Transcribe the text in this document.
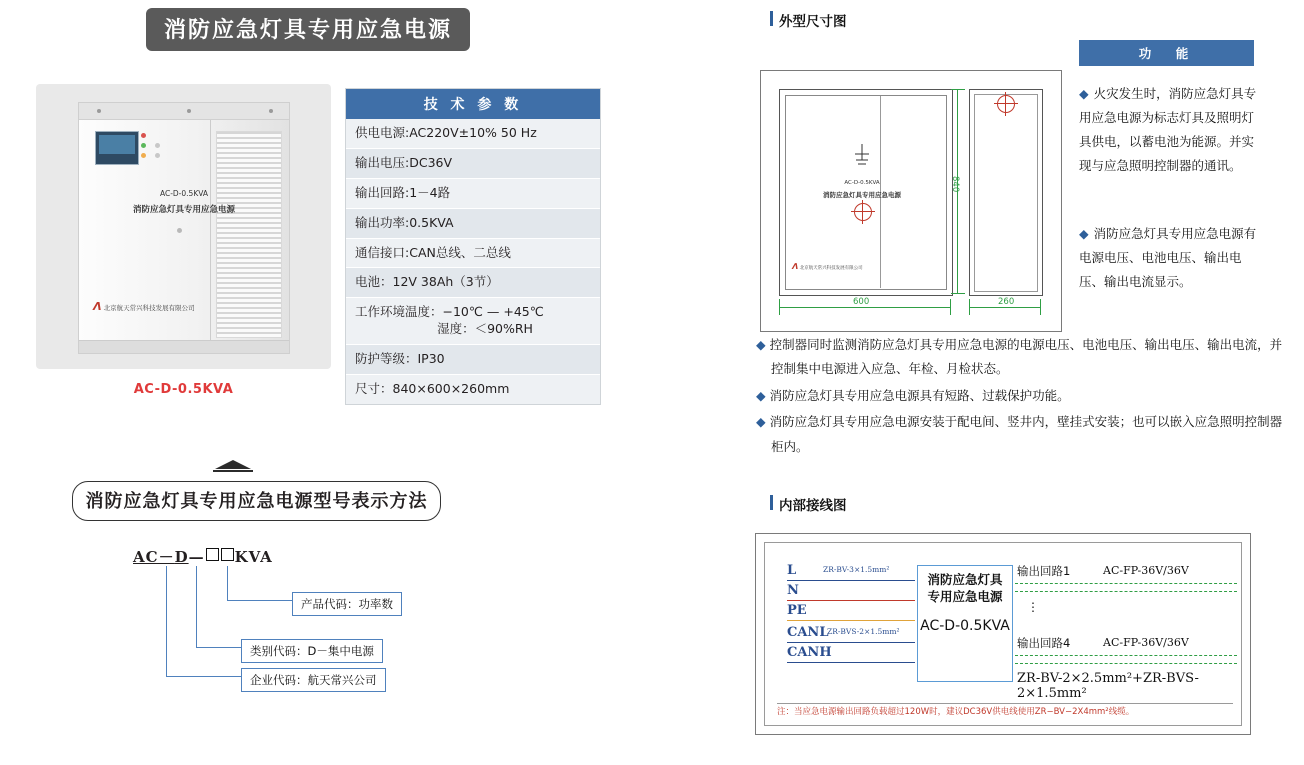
消防应急灯具专用应急电源
AC-D-0.5KVA
消防应急灯具专用应急电源
Λ 北京航天常兴科技发展有限公司
AC-D-0.5KVA
技 术 参 数
供电电源:AC220V±10% 50 Hz
输出电压:DC36V
输出回路:1－4路
输出功率:0.5KVA
通信接口:CAN总线、二总线
电池：12V 38Ah（3节）
工作环境温度：−10℃ — +45℃
湿度：＜90%RH
防护等级：IP30
尺寸：840×600×260mm
消防应急灯具专用应急电源型号表示方法
AC－D— KVA
产品代码：功率数
类别代码：D－集中电源
企业代码：航天常兴公司
外型尺寸图
功　能
AC-D-0.5KVA
消防应急灯具专用应急电源
Λ 北京航天常兴科技发展有限公司
600	260
840
◆ 火灾发生时，消防应急灯具专用应急电源为标志灯具及照明灯具供电，以蓄电池为能源。并实现与应急照明控制器的通讯。
◆ 消防应急灯具专用应急电源有电源电压、电池电压、输出电压、输出电流显示。

◆ 控制器同时监测消防应急灯具专用应急电源的电源电压、电池电压、输出电压、输出电流，并控制集中电源进入应急、年检、月检状态。

◆ 消防应急灯具专用应急电源具有短路、过载保护功能。

◆ 消防应急灯具专用应急电源安装于配电间、竖井内，壁挂式安装；也可以嵌入应急照明控制器柜内。

内部接线图
L
N
PE
CANL
CANH
ZR-BV-3×1.5mm²
ZR-BVS-2×1.5mm²
消防应急灯具
专用应急电源
AC-D-0.5KVA
输出回路1	AC-FP-36V/36V
⋮
输出回路4	AC-FP-36V/36V
ZR-BV-2×2.5mm²+ZR-BVS-2×1.5mm²
注：当应急电源输出回路负载超过120W时，建议DC36V供电线使用ZR−BV−2X4mm²线缆。
